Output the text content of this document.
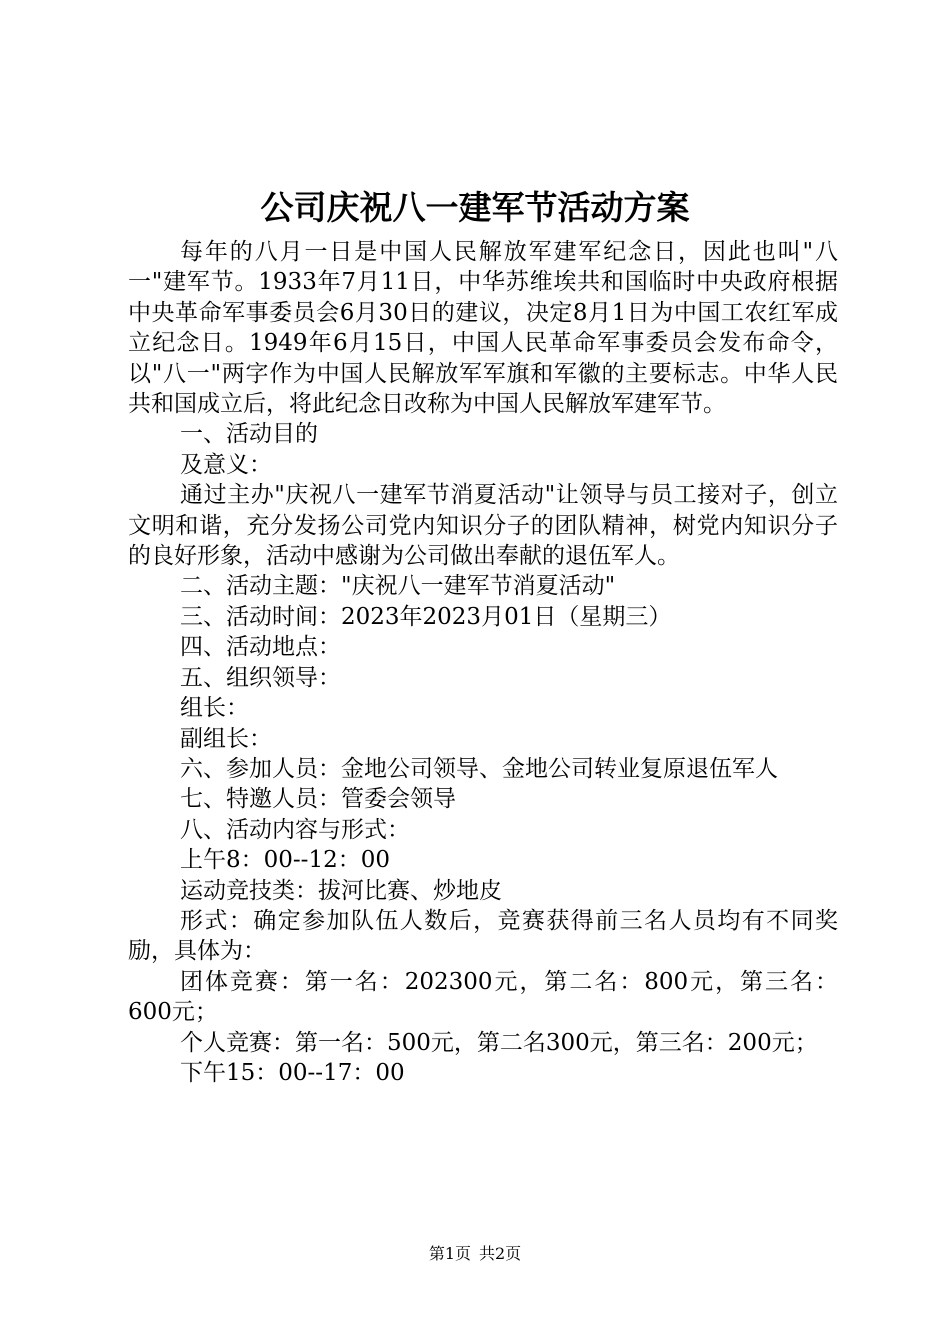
公司庆祝八一建军节活动方案

每年的八月一日是中国人民解放军建军纪念日，因此也叫"八一"建军节。1933年7月11日，中华苏维埃共和国临时中央政府根据中央革命军事委员会6月30日的建议，决定8月1日为中国工农红军成立纪念日。1949年6月15日，中国人民革命军事委员会发布命令，以"八一"两字作为中国人民解放军军旗和军徽的主要标志。中华人民共和国成立后，将此纪念日改称为中国人民解放军建军节。

一、活动目的

及意义：

通过主办"庆祝八一建军节消夏活动"让领导与员工接对子，创立文明和谐，充分发扬公司党内知识分子的团队精神，树党内知识分子的良好形象，活动中感谢为公司做出奉献的退伍军人。

二、活动主题："庆祝八一建军节消夏活动"

三、活动时间：2023年2023月01日（星期三）

四、活动地点：

五、组织领导：

组长：

副组长：

六、参加人员：金地公司领导、金地公司转业复原退伍军人

七、特邀人员：管委会领导

八、活动内容与形式：

上午8：00--12：00

运动竞技类：拔河比赛、炒地皮

形式：确定参加队伍人数后，竞赛获得前三名人员均有不同奖励，具体为：

团体竞赛：第一名：202300元，第二名：800元，第三名：600元；

个人竞赛：第一名：500元，第二名300元，第三名：200元；

下午15：00--17：00

第1页 共2页
